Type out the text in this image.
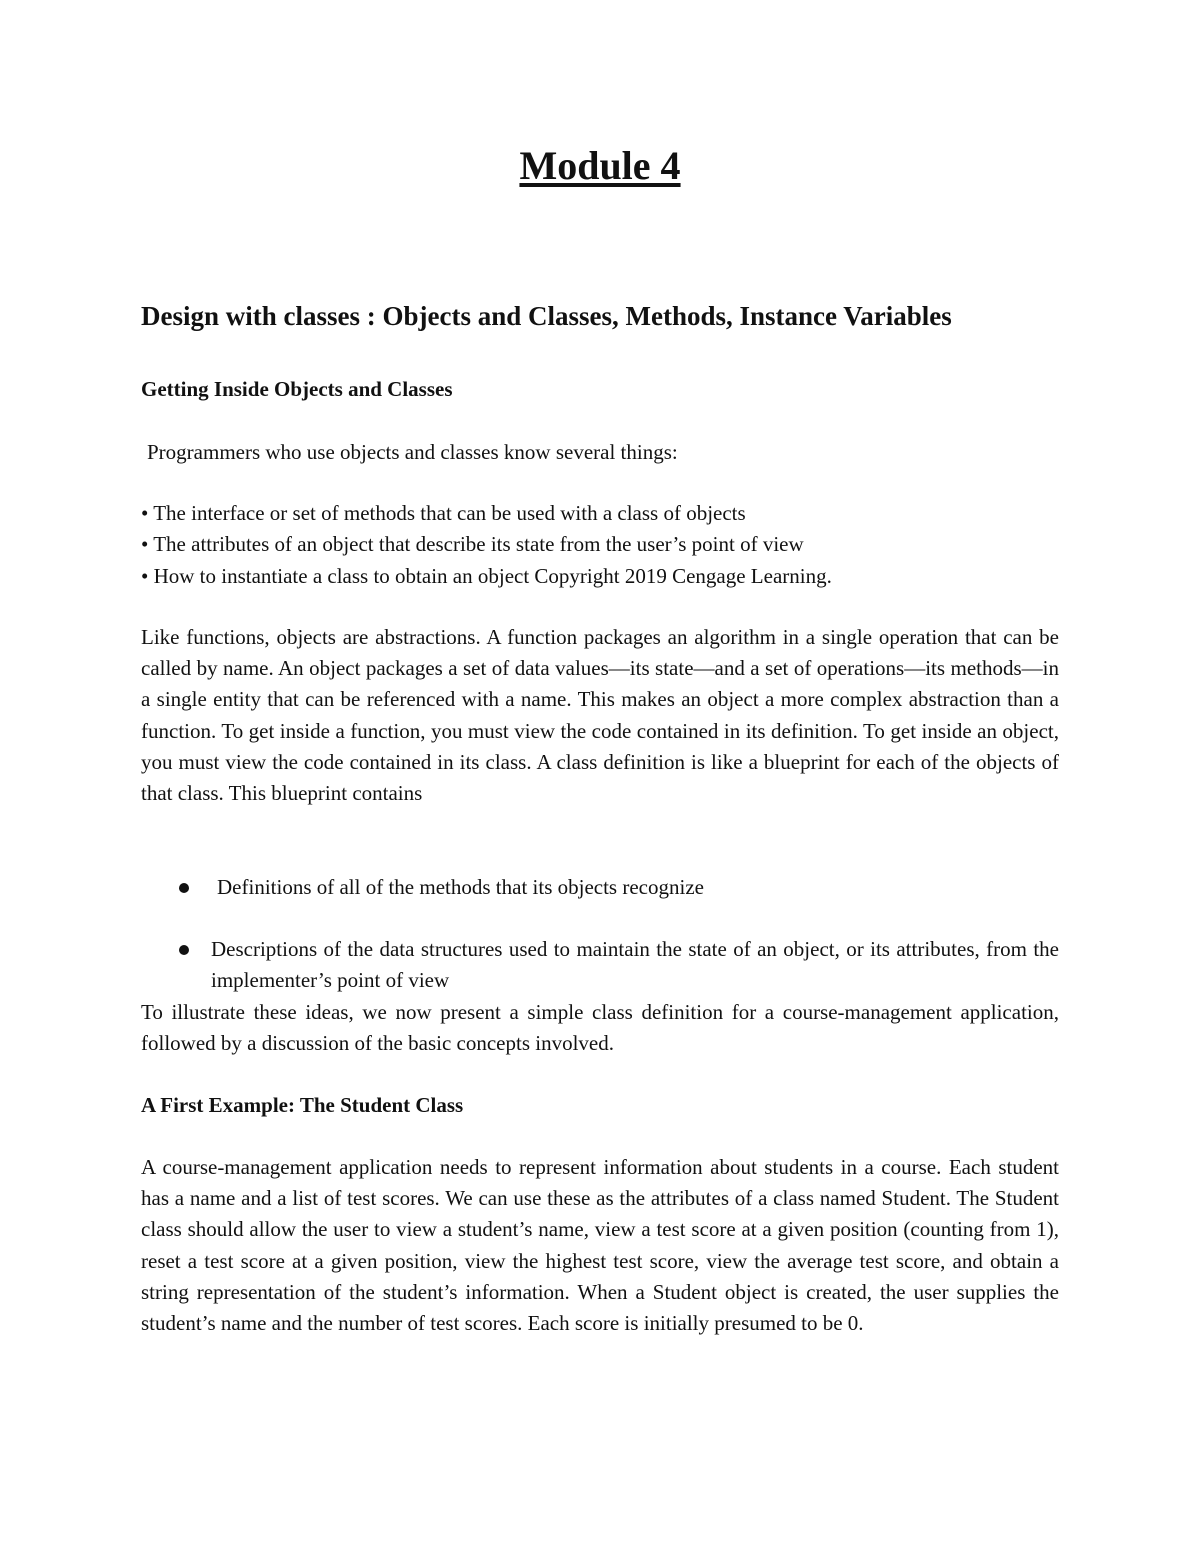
Module 4
Design with classes : Objects and Classes, Methods, Instance Variables
Getting Inside Objects and Classes
Programmers who use objects and classes know several things:
• The interface or set of methods that can be used with a class of objects
• The attributes of an object that describe its state from the user’s point of view
• How to instantiate a class to obtain an object Copyright 2019 Cengage Learning.

Like functions, objects are abstractions. A function packages an algorithm in a single operation that can be called by name. An object packages a set of data values—its state—and a set of operations—its methods—in a single entity that can be referenced with a name. This makes an object a more complex abstraction than a function. To get inside a function, you must view the code contained in its definition. To get inside an object, you must view the code contained in its class. A class definition is like a blueprint for each of the objects of that class. This blueprint contains

Definitions of all of the methods that its objects recognize
Descriptions of the data structures used to maintain the state of an object, or its attributes, from the implementer’s point of view

To illustrate these ideas, we now present a simple class definition for a course-management application, followed by a discussion of the basic concepts involved.

A First Example: The Student Class

A course-management application needs to represent information about students in a course. Each student has a name and a list of test scores. We can use these as the attributes of a class named Student. The Student class should allow the user to view a student’s name, view a test score at a given position (counting from 1), reset a test score at a given position, view the highest test score, view the average test score, and obtain a string representation of the student’s information. When a Student object is created, the user supplies the student’s name and the number of test scores. Each score is initially presumed to be 0.
